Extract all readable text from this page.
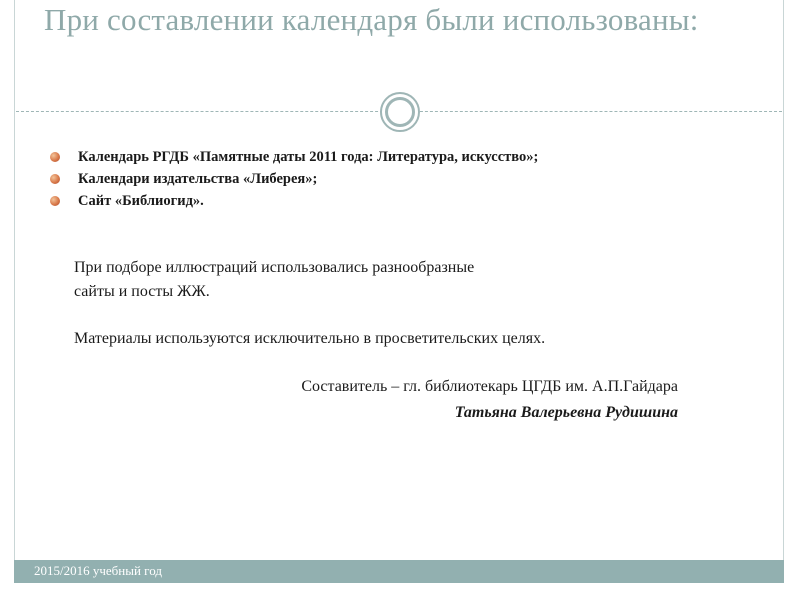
При составлении календаря были использованы:
Календарь РГДБ «Памятные даты 2011 года: Литература, искусство»;
Календари издательства «Либерея»;
Сайт «Библиогид».
При подборе иллюстраций использовались разнообразные
сайты и посты ЖЖ.
Материалы используются исключительно в просветительских целях.
Составитель – гл. библиотекарь ЦГДБ им. А.П.Гайдара
Татьяна Валерьевна Рудишина
2015/2016 учебный год
